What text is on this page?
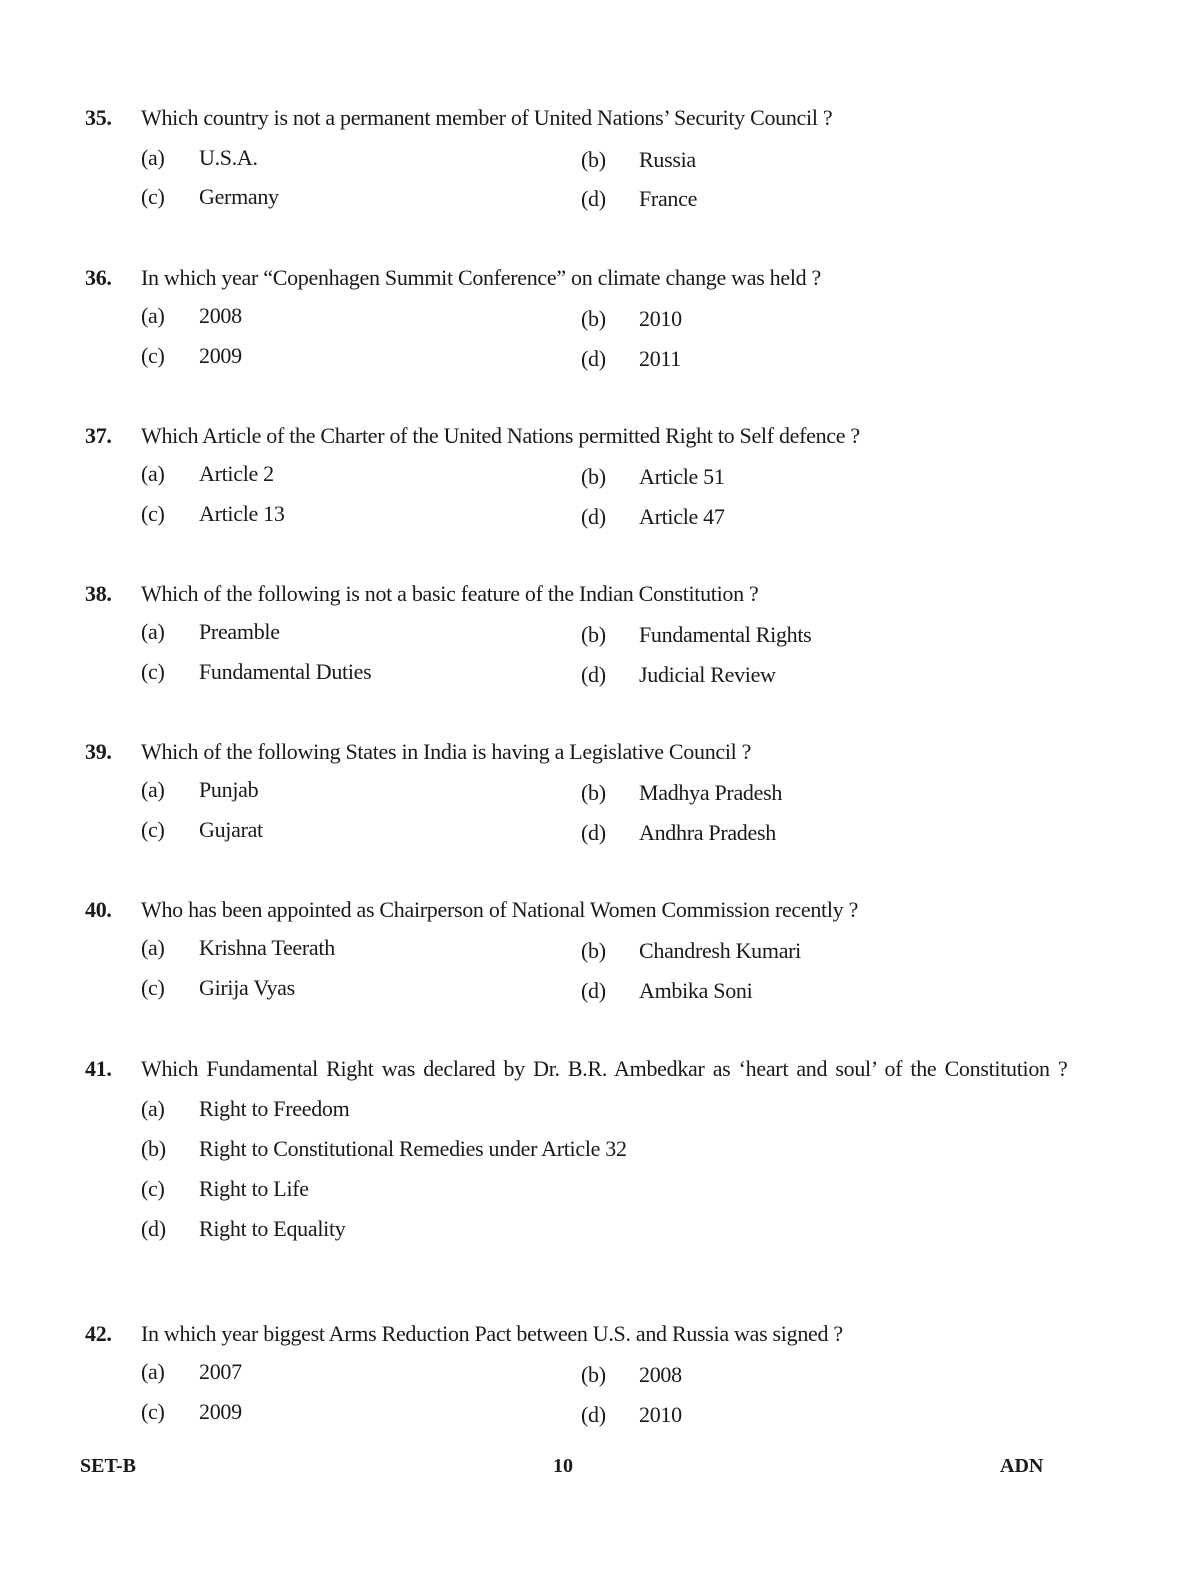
35.	Which country is not a permanent member of United Nations’ Security Council ?
(a)	U.S.A.	(b)	Russia
(c)	Germany	(d)	France
36.	In which year “Copenhagen Summit Conference” on climate change was held ?
(a)	2008	(b)	2010
(c)	2009	(d)	2011
37.	Which Article of the Charter of the United Nations permitted Right to Self defence ?
(a)	Article 2	(b)	Article 51
(c)	Article 13	(d)	Article 47
38.	Which of the following is not a basic feature of the Indian Constitution ?
(a)	Preamble	(b)	Fundamental Rights
(c)	Fundamental Duties	(d)	Judicial Review
39.	Which of the following States in India is having a Legislative Council ?
(a)	Punjab	(b)	Madhya Pradesh
(c)	Gujarat	(d)	Andhra Pradesh
40.	Who has been appointed as Chairperson of National Women Commission recently ?
(a)	Krishna Teerath	(b)	Chandresh Kumari
(c)	Girija Vyas	(d)	Ambika Soni
41.	Which Fundamental Right was declared by Dr. B.R. Ambedkar as ‘heart and soul’ of the Constitution ?
(a)	Right to Freedom
(b)	Right to Constitutional Remedies under Article 32
(c)	Right to Life
(d)	Right to Equality
42.	In which year biggest Arms Reduction Pact between U.S. and Russia was signed ?
(a)	2007	(b)	2008
(c)	2009	(d)	2010
SET-B	10	ADN
